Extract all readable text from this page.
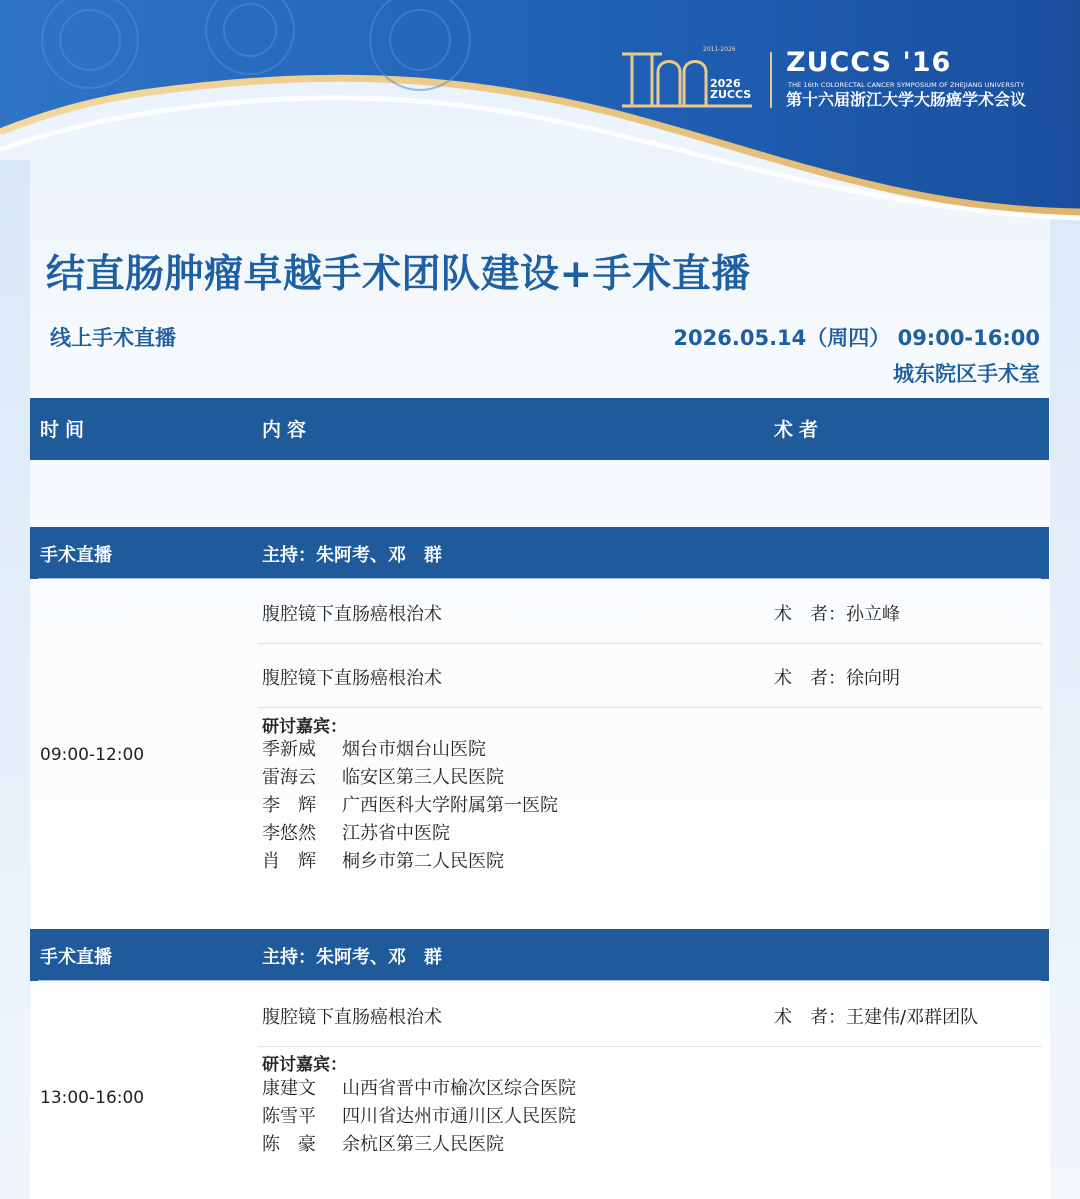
2011-2026
2026
ZUCCS
ZUCCS '16
THE 16th COLORECTAL CANCER SYMPOSIUM OF ZHEJIANG UNIVERSITY
第十六届浙江大学大肠癌学术会议
结直肠肿瘤卓越手术团队建设+手术直播
线上手术直播	2026.05.14（周四） 09:00-16:00
城东院区手术室
时间	内容	术者
手术直播	主持：朱阿考、邓　群
腹腔镜下直肠癌根治术	术　者：孙立峰
腹腔镜下直肠癌根治术	术　者：徐向明
09:00-12:00
研讨嘉宾：
季新威 烟台市烟台山医院
雷海云 临安区第三人民医院
李　辉 广西医科大学附属第一医院
李悠然 江苏省中医院
肖　辉 桐乡市第二人民医院
手术直播	主持：朱阿考、邓　群
腹腔镜下直肠癌根治术	术　者：王建伟/邓群团队
13:00-16:00
研讨嘉宾：
康建文 山西省晋中市榆次区综合医院
陈雪平 四川省达州市通川区人民医院
陈　豪 余杭区第三人民医院
